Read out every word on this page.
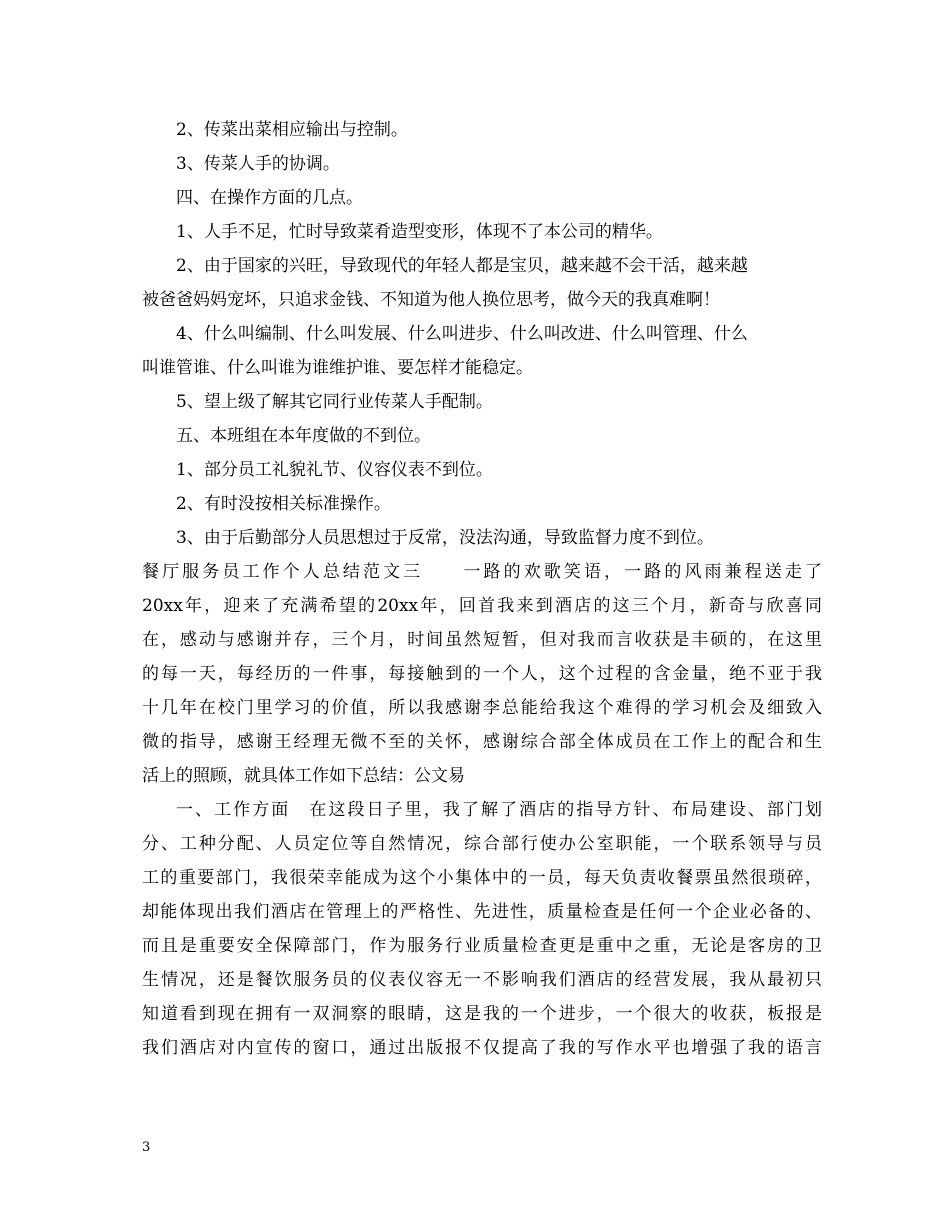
2、传菜出菜相应输出与控制。
3、传菜人手的协调。
四、在操作方面的几点。
1、人手不足，忙时导致菜肴造型变形，体现不了本公司的精华。
2、由于国家的兴旺，导致现代的年轻人都是宝贝，越来越不会干活，越来越
被爸爸妈妈宠坏，只追求金钱、不知道为他人换位思考，做今天的我真难啊！
4、什么叫编制、什么叫发展、什么叫进步、什么叫改进、什么叫管理、什么
叫谁管谁、什么叫谁为谁维护谁、要怎样才能稳定。
5、望上级了解其它同行业传菜人手配制。
五、本班组在本年度做的不到位。
1、部分员工礼貌礼节、仪容仪表不到位。
2、有时没按相关标准操作。
3、由于后勤部分人员思想过于反常，没法沟通，导致监督力度不到位。
餐厅服务员工作个人总结范文三　　一路的欢歌笑语，一路的风雨兼程送走了
20xx年，迎来了充满希望的20xx年，回首我来到酒店的这三个月，新奇与欣喜同
在，感动与感谢并存，三个月，时间虽然短暂，但对我而言收获是丰硕的，在这里
的每一天，每经历的一件事，每接触到的一个人，这个过程的含金量，绝不亚于我
十几年在校门里学习的价值，所以我感谢李总能给我这个难得的学习机会及细致入
微的指导，感谢王经理无微不至的关怀，感谢综合部全体成员在工作上的配合和生
活上的照顾，就具体工作如下总结：公文易
一、工作方面　在这段日子里，我了解了酒店的指导方针、布局建设、部门划
分、工种分配、人员定位等自然情况，综合部行使办公室职能，一个联系领导与员
工的重要部门，我很荣幸能成为这个小集体中的一员，每天负责收餐票虽然很琐碎，
却能体现出我们酒店在管理上的严格性、先进性，质量检查是任何一个企业必备的、
而且是重要安全保障部门，作为服务行业质量检查更是重中之重，无论是客房的卫
生情况，还是餐饮服务员的仪表仪容无一不影响我们酒店的经营发展，我从最初只
知道看到现在拥有一双洞察的眼睛，这是我的一个进步，一个很大的收获，板报是
我们酒店对内宣传的窗口，通过出版报不仅提高了我的写作水平也增强了我的语言
3
